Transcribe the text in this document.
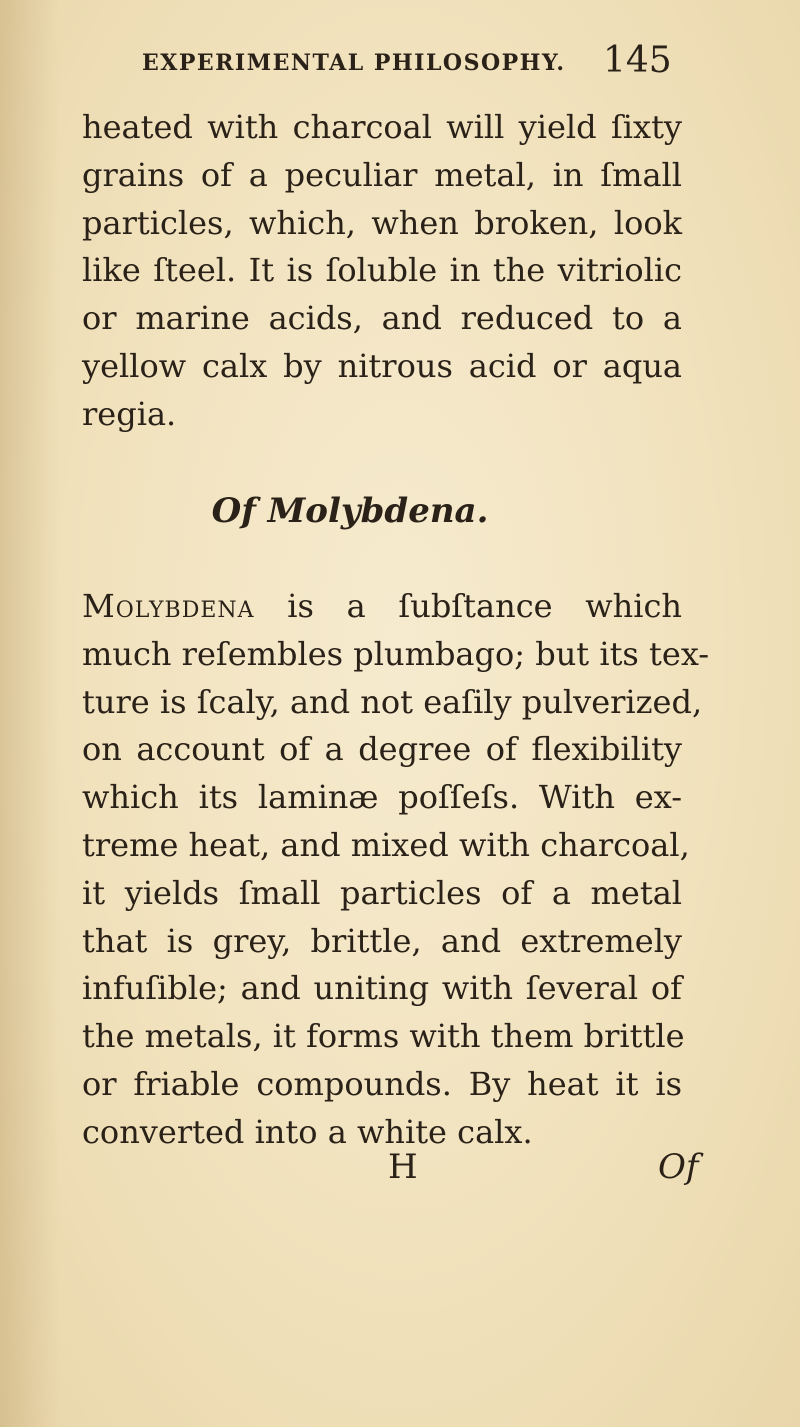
EXPERIMENTAL PHILOSOPHY.	145

heated with charcoal will yield ſixty
grains of a peculiar metal, in ſmall
particles, which, when broken, look
like ſteel. It is ſoluble in the vitriolic
or marine acids, and reduced to a
yellow calx by nitrous acid or aqua
regia.

Of Molybdena.

Molybdena is a ſubſtance which
much reſembles plumbago; but its tex-
ture is ſcaly, and not eaſily pulverized,
on account of a degree of flexibility
which its laminæ poſſeſs. With ex-
treme heat, and mixed with charcoal,
it yields ſmall particles of a metal
that is grey, brittle, and extremely
infuſible; and uniting with ſeveral of
the metals, it forms with them brittle
or friable compounds. By heat it is
converted into a white calx.

H	Of
